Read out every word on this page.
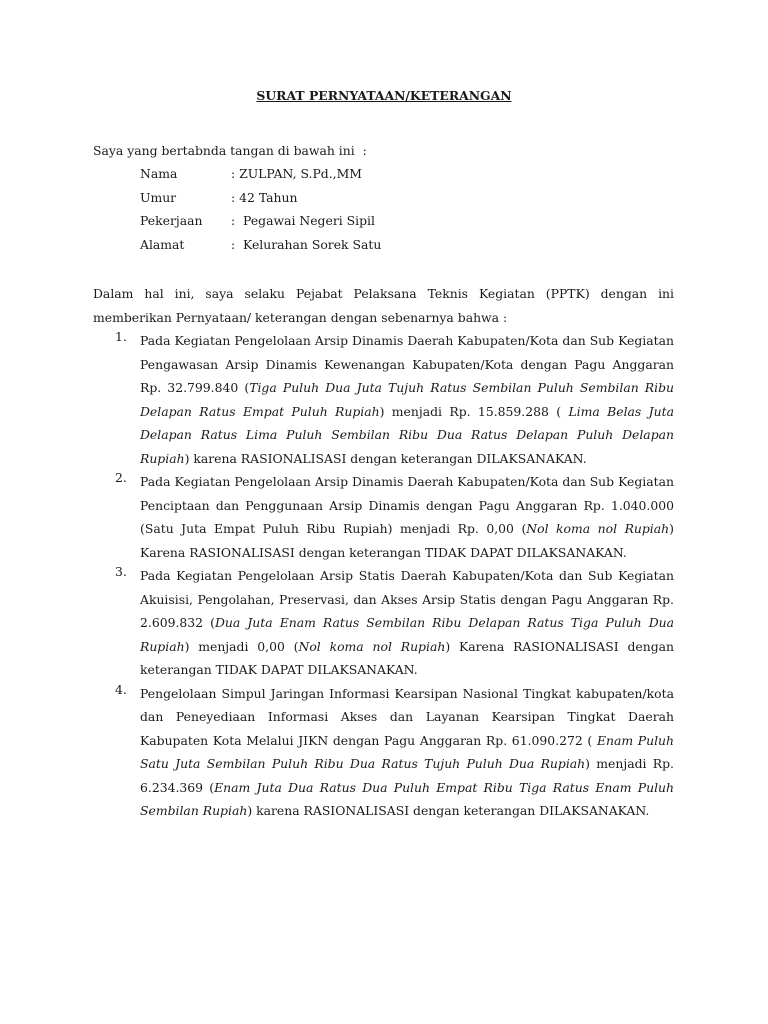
SURAT PERNYATAAN/KETERANGAN
Saya yang bertabnda tangan di bawah ini  :
Nama	: ZULPAN, S.Pd.,MM
Umur	: 42 Tahun
Pekerjaan	:  Pegawai Negeri Sipil
Alamat	:  Kelurahan Sorek Satu
Dalam hal ini, saya selaku Pejabat Pelaksana Teknis Kegiatan (PPTK) dengan ini memberikan Pernyataan/ keterangan dengan sebenarnya bahwa :
1.	Pada Kegiatan Pengelolaan Arsip Dinamis Daerah Kabupaten/Kota dan Sub Kegiatan Pengawasan Arsip Dinamis Kewenangan Kabupaten/Kota dengan Pagu Anggaran Rp. 32.799.840 (Tiga Puluh Dua Juta Tujuh Ratus Sembilan Puluh Sembilan Ribu Delapan Ratus Empat Puluh Rupiah) menjadi Rp. 15.859.288 ( Lima Belas Juta Delapan Ratus Lima Puluh Sembilan Ribu Dua Ratus Delapan Puluh Delapan Rupiah) karena RASIONALISASI dengan keterangan DILAKSANAKAN.
2.	Pada Kegiatan Pengelolaan Arsip Dinamis Daerah Kabupaten/Kota dan Sub Kegiatan Penciptaan dan Penggunaan Arsip Dinamis dengan Pagu Anggaran Rp. 1.040.000 (Satu Juta Empat Puluh Ribu Rupiah) menjadi Rp. 0,00 (Nol koma nol Rupiah) Karena RASIONALISASI dengan keterangan TIDAK DAPAT DILAKSANAKAN.
3.	Pada Kegiatan Pengelolaan Arsip Statis Daerah Kabupaten/Kota dan Sub Kegiatan Akuisisi, Pengolahan, Preservasi, dan Akses Arsip Statis dengan Pagu Anggaran Rp. 2.609.832 (Dua Juta Enam Ratus Sembilan Ribu Delapan Ratus Tiga Puluh Dua Rupiah) menjadi 0,00 (Nol koma nol Rupiah) Karena RASIONALISASI dengan keterangan TIDAK DAPAT DILAKSANAKAN.
4.	Pengelolaan Simpul Jaringan Informasi Kearsipan Nasional Tingkat kabupaten/kota dan Peneyediaan Informasi Akses dan Layanan Kearsipan Tingkat Daerah Kabupaten Kota Melalui JIKN dengan Pagu Anggaran Rp. 61.090.272 ( Enam Puluh Satu Juta Sembilan Puluh Ribu Dua Ratus Tujuh Puluh Dua Rupiah) menjadi Rp. 6.234.369 (Enam Juta Dua Ratus Dua Puluh Empat Ribu Tiga Ratus Enam Puluh Sembilan Rupiah) karena RASIONALISASI dengan keterangan DILAKSANAKAN.
